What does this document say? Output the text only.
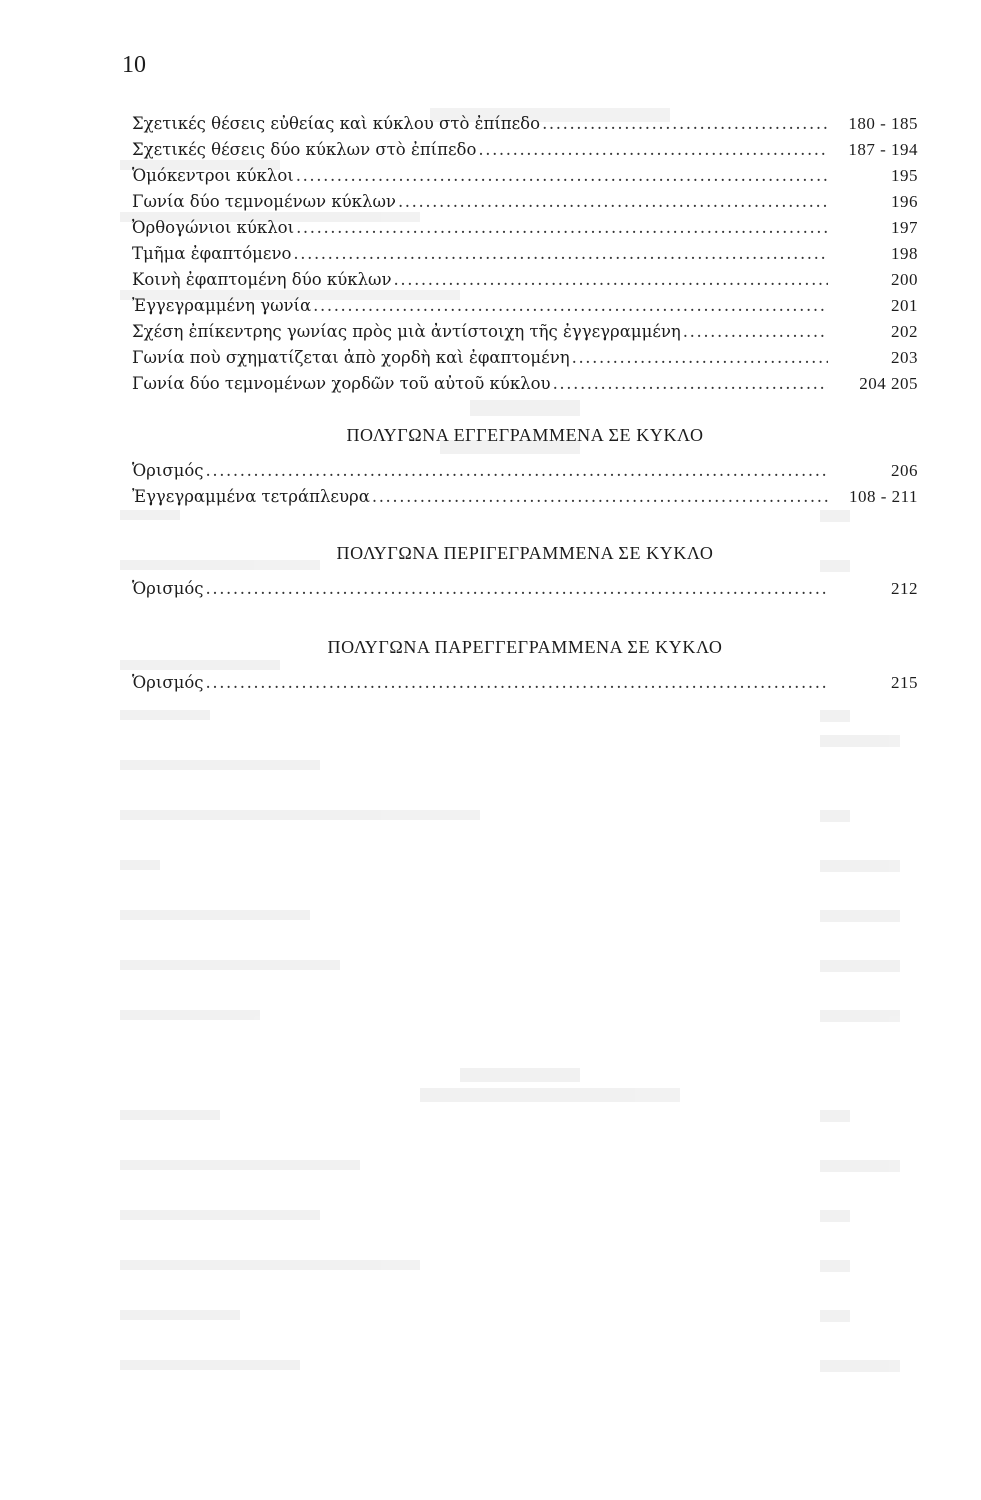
10
Σχετικές θέσεις εὐθείας καὶ κύκλου στὸ ἐπίπεδο .....	180 - 185
Σχετικές θέσεις δύο κύκλων στὸ ἐπίπεδο .....	187 - 194
Ὁμόκεντροι κύκλοι .....	195
Γωνία δύο τεμνομένων κύκλων .....	196
Ὀρθογώνιοι κύκλοι .....	197
Τμῆμα ἐφαπτόμενο .....	198
Κοινὴ ἐφαπτομένη δύο κύκλων .....	200
Ἐγγεγραμμένη γωνία .....	201
Σχέση ἐπίκεντρης γωνίας πρὸς μιὰ ἀντίστοιχη τῆς ἐγγεγραμμένη .....	202
Γωνία ποὺ σχηματίζεται ἀπὸ χορδὴ καὶ ἐφαπτομένη .....	203
Γωνία δύο τεμνομένων χορδῶν τοῦ αὐτοῦ κύκλου .....	204 205
ΠΟΛΥΓΩΝΑ ΕΓΓΕΓΡΑΜΜΕΝΑ ΣΕ ΚΥΚΛΟ
Ὁρισμός .....	206
Ἐγγεγραμμένα τετράπλευρα .....	108 - 211
ΠΟΛΥΓΩΝΑ ΠΕΡΙΓΕΓΡΑΜΜΕΝΑ ΣΕ ΚΥΚΛΟ
Ὁρισμός .....	212
ΠΟΛΥΓΩΝΑ ΠΑΡΕΓΓΕΓΡΑΜΜΕΝΑ ΣΕ ΚΥΚΛΟ
Ὁρισμός .....	215
